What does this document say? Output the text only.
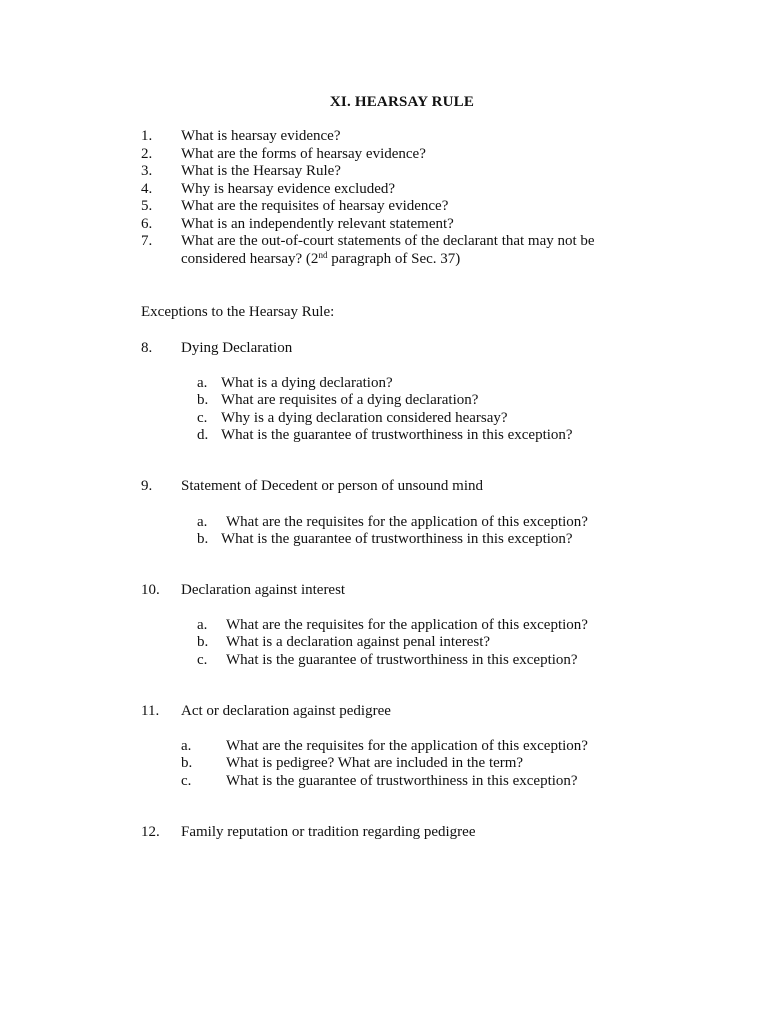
XI. HEARSAY RULE
1. What is hearsay evidence?
2. What are the forms of hearsay evidence?
3. What is the Hearsay Rule?
4. Why is hearsay evidence excluded?
5. What are the requisites of hearsay evidence?
6. What is an independently relevant statement?
7. What are the out-of-court statements of the declarant that may not be
considered hearsay? (2nd paragraph of Sec. 37)
Exceptions to the Hearsay Rule:
8. Dying Declaration
a. What is a dying declaration?
b. What are requisites of a dying declaration?
c. Why is a dying declaration considered hearsay?
d. What is the guarantee of trustworthiness in this exception?
9. Statement of Decedent or person of unsound mind
a.	What are the requisites for the application of this exception?
b. What is the guarantee of trustworthiness in this exception?
10. Declaration against interest
a.	What are the requisites for the application of this exception?
b.	What is a declaration against penal interest?
c.	What is the guarantee of trustworthiness in this exception?
11. Act or declaration against pedigree
a.	What are the requisites for the application of this exception?
b.	What is pedigree? What are included in the term?
c.	What is the guarantee of trustworthiness in this exception?
12. Family reputation or tradition regarding pedigree
